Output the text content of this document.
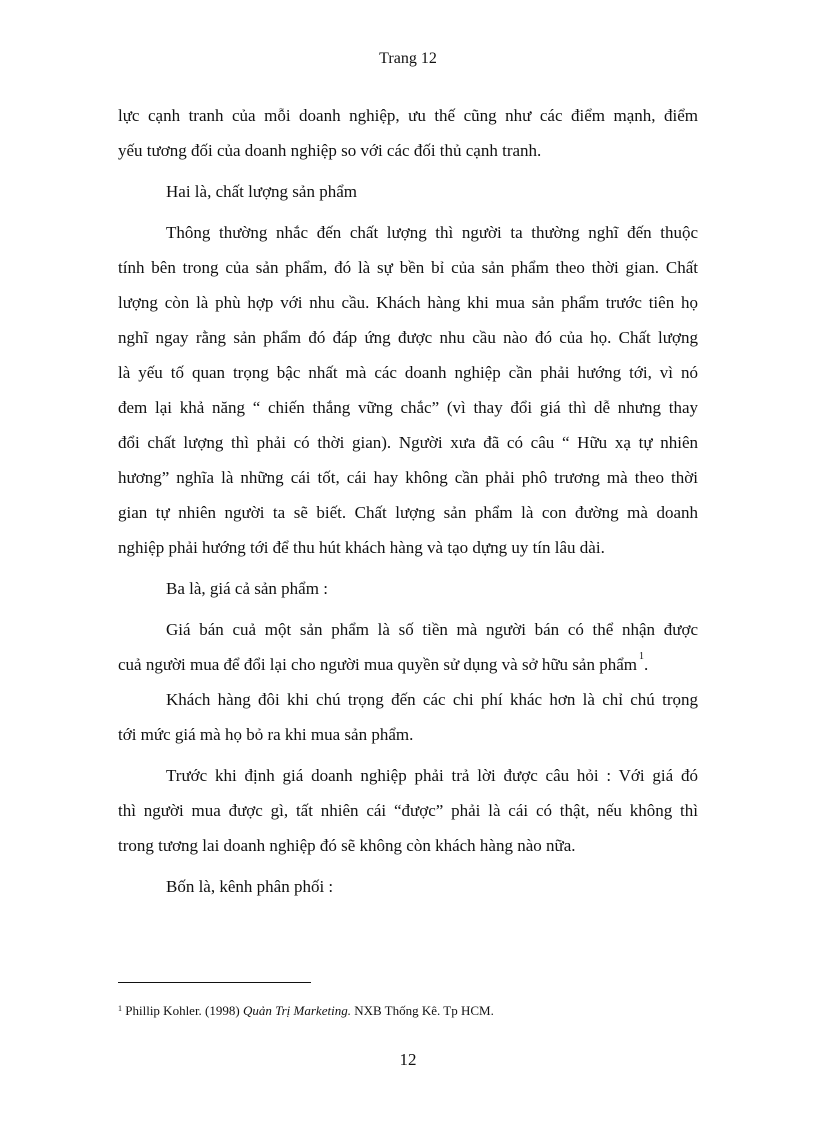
Trang 12
lực cạnh tranh của mỗi doanh nghiệp, ưu thế cũng như các điểm mạnh, điểm
yếu tương đối của doanh nghiệp so với các đối thủ cạnh tranh.
Hai là, chất lượng sản phẩm
Thông thường nhắc đến chất lượng thì người ta thường nghĩ đến thuộc
tính bên trong của sản phẩm, đó là sự bền bỉ của sản phẩm theo thời gian. Chất
lượng còn là phù hợp với nhu cầu. Khách hàng khi mua sản phẩm trước tiên họ
nghĩ ngay rằng sản phẩm đó đáp ứng được nhu cầu nào đó của họ. Chất lượng
là yếu tố quan trọng bậc nhất mà các doanh nghiệp cần phải hướng tới, vì nó
đem lại khả năng “ chiến thắng vững chắc” (vì thay đổi giá thì dễ nhưng thay
đổi chất lượng thì phải có thời gian). Người xưa đã có câu “ Hữu xạ tự nhiên
hương” nghĩa là những cái tốt, cái hay không cần phải phô trương mà theo thời
gian tự nhiên người ta sẽ biết. Chất lượng sản phẩm là con đường mà doanh
nghiệp phải hướng tới để thu hút khách hàng và tạo dựng uy tín lâu dài.
Ba là, giá cả sản phẩm :
Giá bán cuả một sản phẩm là số tiền mà người bán có thể nhận được
cuả người mua để đổi lại cho người mua quyền sử dụng và sở hữu sản phẩm $^1$.
Khách hàng đôi khi chú trọng đến các chi phí khác hơn là chỉ chú trọng
tới mức giá mà họ bỏ ra khi mua sản phẩm.
Trước khi định giá doanh nghiệp phải trả lời được câu hỏi : Với giá đó
thì người mua được gì, tất nhiên cái “được” phải là cái có thật, nếu không thì
trong tương lai doanh nghiệp đó sẽ không còn khách hàng nào nữa.
Bốn là, kênh phân phối :
$^1$ Phillip Kohler. (1998) Quản Trị Marketing. NXB Thống Kê. Tp HCM.
12
